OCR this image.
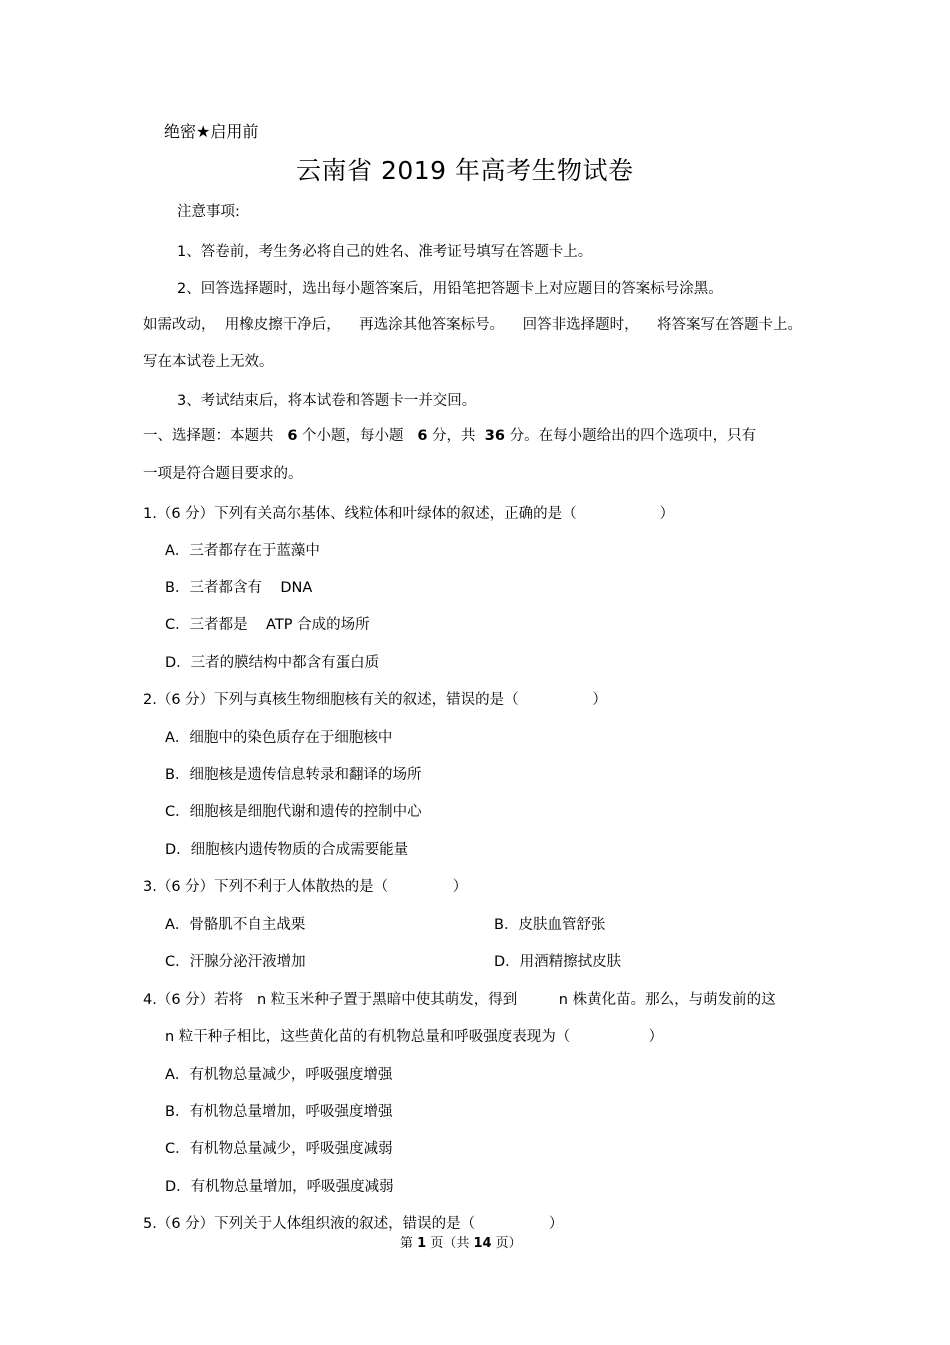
绝密★启用前
云南省 2019 年高考生物试卷
注意事项:
1、答卷前，考生务必将自己的姓名、准考证号填写在答题卡上。
2、回答选择题时，选出每小题答案后，用铅笔把答题卡上对应题目的答案标号涂黑。
如需改动，  用橡皮擦干净后，    再选涂其他答案标号。    回答非选择题时，    将答案写在答题卡上。
写在本试卷上无效。
3、考试结束后，将本试卷和答题卡一并交回。
一、选择题：本题共   6 个小题，每小题   6 分，共  36 分。在每小题给出的四个选项中，只有
一项是符合题目要求的。
1.（6 分）下列有关高尔基体、线粒体和叶绿体的叙述，正确的是（                  ）
A．三者都存在于蓝藻中
B．三者都含有    DNA
C．三者都是    ATP 合成的场所
D．三者的膜结构中都含有蛋白质
2.（6 分）下列与真核生物细胞核有关的叙述，错误的是（                ）
A．细胞中的染色质存在于细胞核中
B．细胞核是遗传信息转录和翻译的场所
C．细胞核是细胞代谢和遗传的控制中心
D．细胞核内遗传物质的合成需要能量
3.（6 分）下列不利于人体散热的是（              ）
A．骨骼肌不自主战栗	B．皮肤血管舒张
C．汗腺分泌汗液增加	D．用酒精擦拭皮肤
4.（6 分）若将   n 粒玉米种子置于黑暗中使其萌发，得到         n 株黄化苗。那么，与萌发前的这
n 粒干种子相比，这些黄化苗的有机物总量和呼吸强度表现为（                 ）
A．有机物总量减少，呼吸强度增强
B．有机物总量增加，呼吸强度增强
C．有机物总量减少，呼吸强度减弱
D．有机物总量增加，呼吸强度减弱
5.（6 分）下列关于人体组织液的叙述，错误的是（                ）
第 1 页（共 14 页）
